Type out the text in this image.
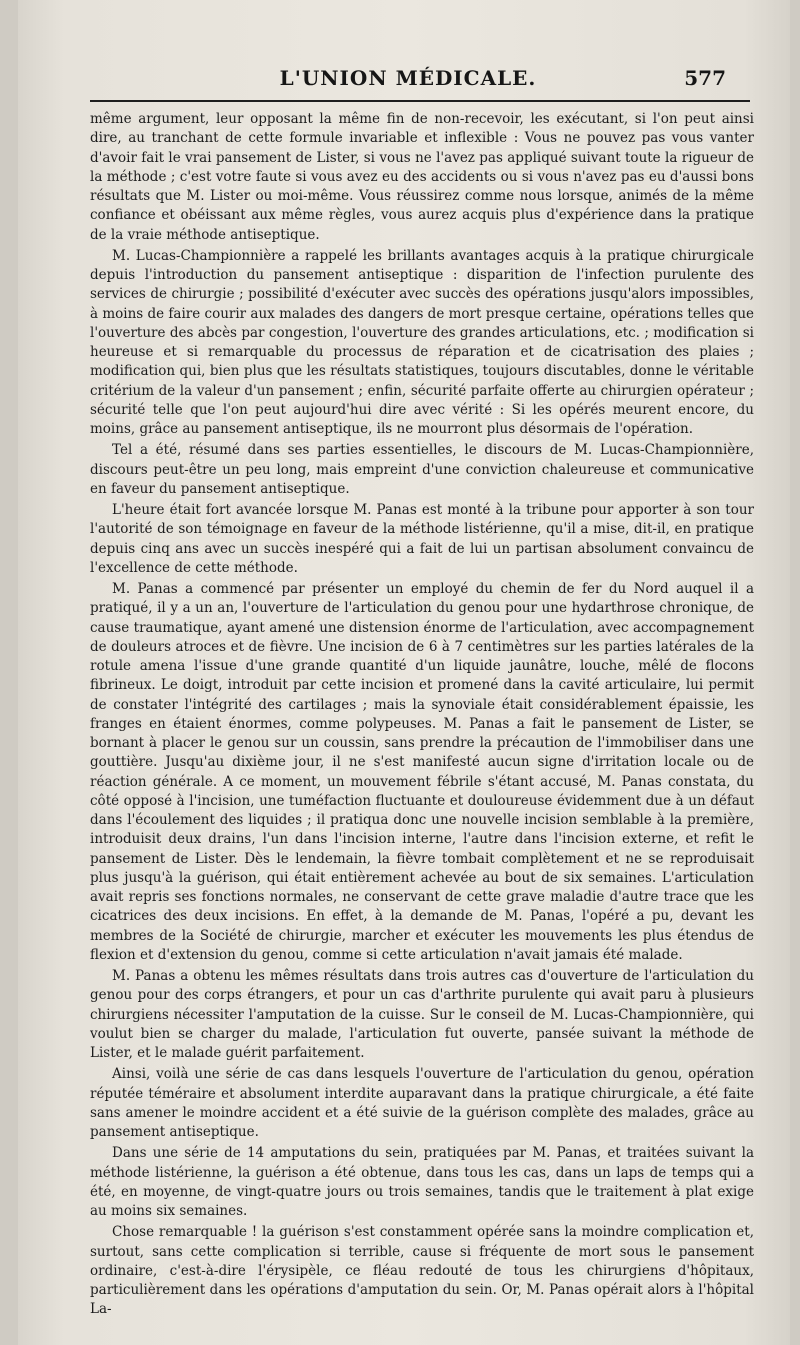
L'UNION MÉDICALE.	577

même argument, leur opposant la même fin de non-recevoir, les exécutant, si l'on peut ainsi dire, au tranchant de cette formule invariable et inflexible : Vous ne pouvez pas vous vanter d'avoir fait le vrai pansement de Lister, si vous ne l'avez pas appliqué suivant toute la rigueur de la méthode ; c'est votre faute si vous avez eu des accidents ou si vous n'avez pas eu d'aussi bons résultats que M. Lister ou moi-même. Vous réussirez comme nous lorsque, animés de la même confiance et obéissant aux même règles, vous aurez acquis plus d'expérience dans la pratique de la vraie méthode antiseptique.

M. Lucas-Championnière a rappelé les brillants avantages acquis à la pratique chirurgicale depuis l'introduction du pansement antiseptique : disparition de l'infection purulente des services de chirurgie ; possibilité d'exécuter avec succès des opérations jusqu'alors impossibles, à moins de faire courir aux malades des dangers de mort presque certaine, opérations telles que l'ouverture des abcès par congestion, l'ouverture des grandes articulations, etc. ; modification si heureuse et si remarquable du processus de réparation et de cicatrisation des plaies ; modification qui, bien plus que les résultats statistiques, toujours discutables, donne le véritable critérium de la valeur d'un pansement ; enfin, sécurité parfaite offerte au chirurgien opérateur ; sécurité telle que l'on peut aujourd'hui dire avec vérité : Si les opérés meurent encore, du moins, grâce au pansement antiseptique, ils ne mourront plus désormais de l'opération.

Tel a été, résumé dans ses parties essentielles, le discours de M. Lucas-Championnière, discours peut-être un peu long, mais empreint d'une conviction chaleureuse et communicative en faveur du pansement antiseptique.

L'heure était fort avancée lorsque M. Panas est monté à la tribune pour apporter à son tour l'autorité de son témoignage en faveur de la méthode listérienne, qu'il a mise, dit-il, en pratique depuis cinq ans avec un succès inespéré qui a fait de lui un partisan absolument convaincu de l'excellence de cette méthode.

M. Panas a commencé par présenter un employé du chemin de fer du Nord auquel il a pratiqué, il y a un an, l'ouverture de l'articulation du genou pour une hydarthrose chronique, de cause traumatique, ayant amené une distension énorme de l'articulation, avec accompagnement de douleurs atroces et de fièvre. Une incision de 6 à 7 centimètres sur les parties latérales de la rotule amena l'issue d'une grande quantité d'un liquide jaunâtre, louche, mêlé de flocons fibrineux. Le doigt, introduit par cette incision et promené dans la cavité articulaire, lui permit de constater l'intégrité des cartilages ; mais la synoviale était considérablement épaissie, les franges en étaient énormes, comme polypeuses. M. Panas a fait le pansement de Lister, se bornant à placer le genou sur un coussin, sans prendre la précaution de l'immobiliser dans une gouttière. Jusqu'au dixième jour, il ne s'est manifesté aucun signe d'irritation locale ou de réaction générale. A ce moment, un mouvement fébrile s'étant accusé, M. Panas constata, du côté opposé à l'incision, une tuméfaction fluctuante et douloureuse évidemment due à un défaut dans l'écoulement des liquides ; il pratiqua donc une nouvelle incision semblable à la première, introduisit deux drains, l'un dans l'incision interne, l'autre dans l'incision externe, et refit le pansement de Lister. Dès le lendemain, la fièvre tombait complètement et ne se reproduisait plus jusqu'à la guérison, qui était entièrement achevée au bout de six semaines. L'articulation avait repris ses fonctions normales, ne conservant de cette grave maladie d'autre trace que les cicatrices des deux incisions. En effet, à la demande de M. Panas, l'opéré a pu, devant les membres de la Société de chirurgie, marcher et exécuter les mouvements les plus étendus de flexion et d'extension du genou, comme si cette articulation n'avait jamais été malade.

M. Panas a obtenu les mêmes résultats dans trois autres cas d'ouverture de l'articulation du genou pour des corps étrangers, et pour un cas d'arthrite purulente qui avait paru à plusieurs chirurgiens nécessiter l'amputation de la cuisse. Sur le conseil de M. Lucas-Championnière, qui voulut bien se charger du malade, l'articulation fut ouverte, pansée suivant la méthode de Lister, et le malade guérit parfaitement.

Ainsi, voilà une série de cas dans lesquels l'ouverture de l'articulation du genou, opération réputée téméraire et absolument interdite auparavant dans la pratique chirurgicale, a été faite sans amener le moindre accident et a été suivie de la guérison complète des malades, grâce au pansement antiseptique.

Dans une série de 14 amputations du sein, pratiquées par M. Panas, et traitées suivant la méthode listérienne, la guérison a été obtenue, dans tous les cas, dans un laps de temps qui a été, en moyenne, de vingt-quatre jours ou trois semaines, tandis que le traitement à plat exige au moins six semaines.

Chose remarquable ! la guérison s'est constamment opérée sans la moindre complication et, surtout, sans cette complication si terrible, cause si fréquente de mort sous le pansement ordinaire, c'est-à-dire l'érysipèle, ce fléau redouté de tous les chirurgiens d'hôpitaux, particulièrement dans les opérations d'amputation du sein. Or, M. Panas opérait alors à l'hôpital La-
